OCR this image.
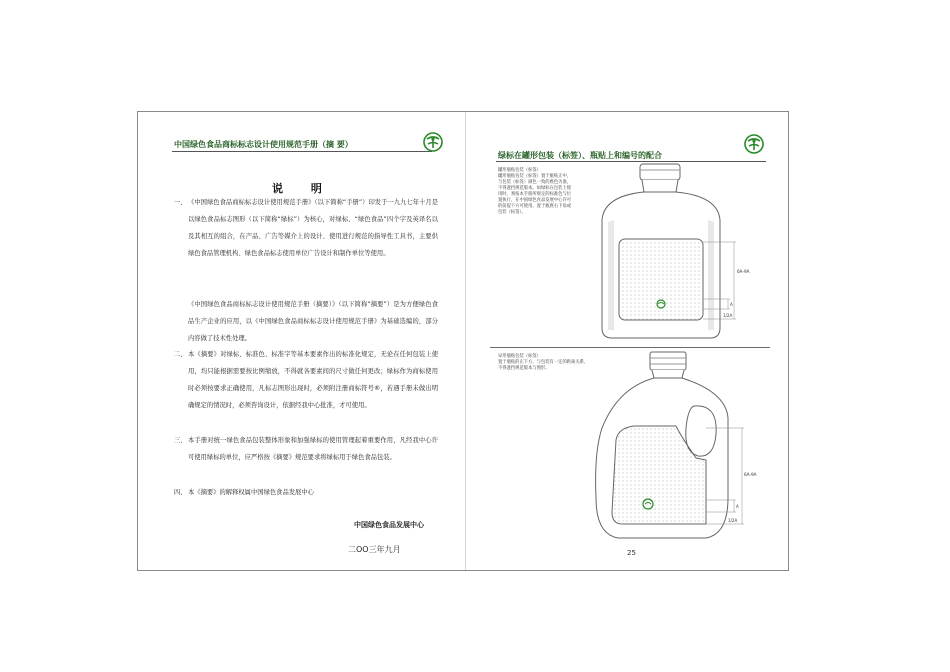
中国绿色食品商标标志设计使用规范手册（摘 要）
说 明
一、 《中国绿色食品商标标志设计使用规范手册》（以下简称“手册”）印发于一九九七年十月是以绿色食品标志图形（以下简称“绿标”）为核心，对绿标、“绿色食品”四个字及英译名以及其相互的组合，在产品、广告等媒介上的设计、使用进行规范的指导性工具书，主要供绿色食品管理机构、绿色食品标志使用单位广告设计和制作单位等使用。
《中国绿色食品商标标志设计使用规范手册（摘要）》（以下简称“摘要”）是为方便绿色食品生产企业的应用，以《中国绿色食品商标标志设计使用规范手册》为基础选编的，部分内容做了技术性处理。
二、 本《摘要》对绿标、标准色、标准字等基本要素作出的标准化规定，无论在任何包装上使用，均只能根据需要按比例缩放，不得就各要素间的尺寸做任何更改；绿标作为商标使用时必须按要求正确使用，凡标志图形出现时，必须附注册商标符号®，若遇手册未做出明确规定的情况时，必须咨询设计，依据经我中心批准，才可使用。
三、 本手册对统一绿色食品包装整体形象和加强绿标的使用管理起着重要作用，凡经我中心许可使用绿标的单位，应严格按《摘要》规范要求将绿标用于绿色食品包装。
四、 本《摘要》的解释权属中国绿色食品发展中心
中国绿色食品发展中心
二OO三年九月
绿标在罐形包装（标签）、瓶贴上和编号的配合
罐形瓶贴包装（标签）
罐形瓶贴包装（标签）置于瓶贴正中，与包装（标签）颜色一致的底色为准，不得遮挡规范版本。如绿标在包装上使用时，须按本手册所规定的标准色与位置执行，在中国绿色食品发展中心许可的前提下方可使用。置于瓶底右下角或包装（标签）。
6A-9A
A
1/2A
异形瓶贴包装（标签）
置于瓶贴的正下方，与包装有一定的距离关系，不得遮挡规范版本与图形。
6A-9A
A
1/2A
25
